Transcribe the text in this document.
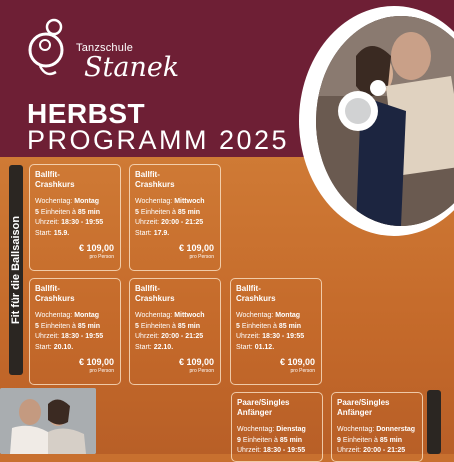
Tanzschule
Stanek
HERBST
PROGRAMM 2025
Fit für die Ballsaison
Ballfit-
Crashkurs
Wochentag: Montag
5 Einheiten à 85 min
Uhrzeit: 18:30 - 19:55
Start: 15.9.
€ 109,00
pro Person
Ballfit-
Crashkurs
Wochentag: Mittwoch
5 Einheiten à 85 min
Uhrzeit: 20:00 - 21:25
Start: 17.9.
€ 109,00
pro Person
Ballfit-
Crashkurs
Wochentag: Montag
5 Einheiten à 85 min
Uhrzeit: 18:30 - 19:55
Start: 20.10.
€ 109,00
pro Person
Ballfit-
Crashkurs
Wochentag: Mittwoch
5 Einheiten à 85 min
Uhrzeit: 20:00 - 21:25
Start: 22.10.
€ 109,00
pro Person
Ballfit-
Crashkurs
Wochentag: Montag
5 Einheiten à 85 min
Uhrzeit: 18:30 - 19:55
Start: 01.12.
€ 109,00
pro Person
Paare/Singles
Anfänger
Wochentag: Dienstag
9 Einheiten à 85 min
Uhrzeit: 18:30 - 19:55
Paare/Singles
Anfänger
Wochentag: Donnerstag
9 Einheiten à 85 min
Uhrzeit: 20:00 - 21:25
